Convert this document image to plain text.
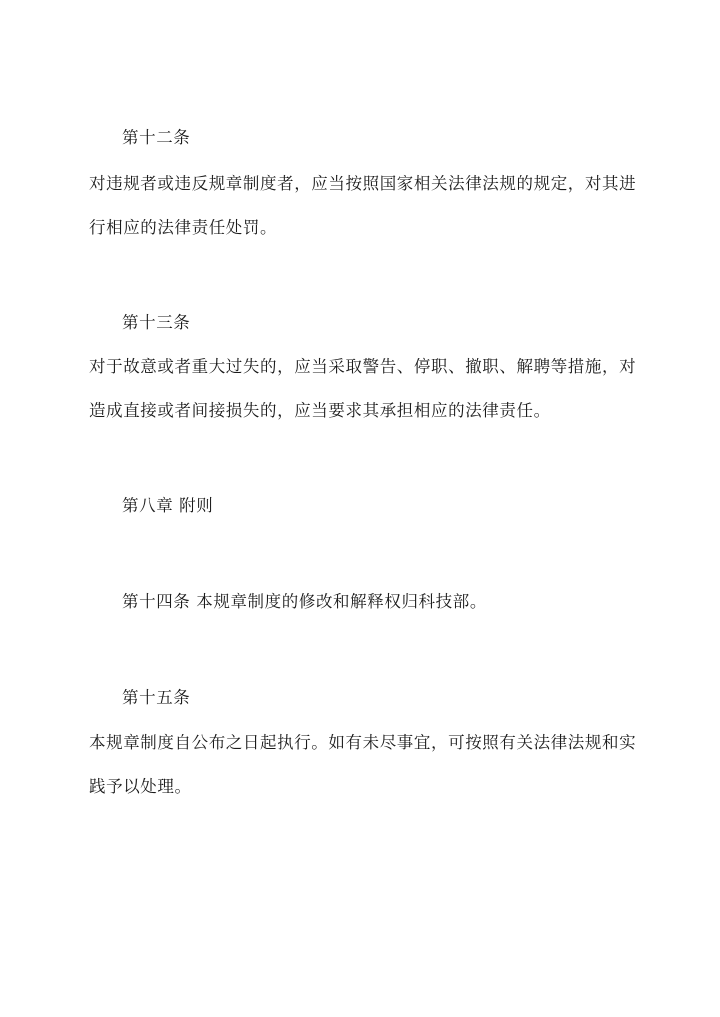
第十二条
对违规者或违反规章制度者，应当按照国家相关法律法规的规定，对其进
行相应的法律责任处罚。
第十三条
对于故意或者重大过失的，应当采取警告、停职、撤职、解聘等措施，对
造成直接或者间接损失的，应当要求其承担相应的法律责任。
第八章 附则
第十四条 本规章制度的修改和解释权归科技部。
第十五条
本规章制度自公布之日起执行。如有未尽事宜，可按照有关法律法规和实
践予以处理。
